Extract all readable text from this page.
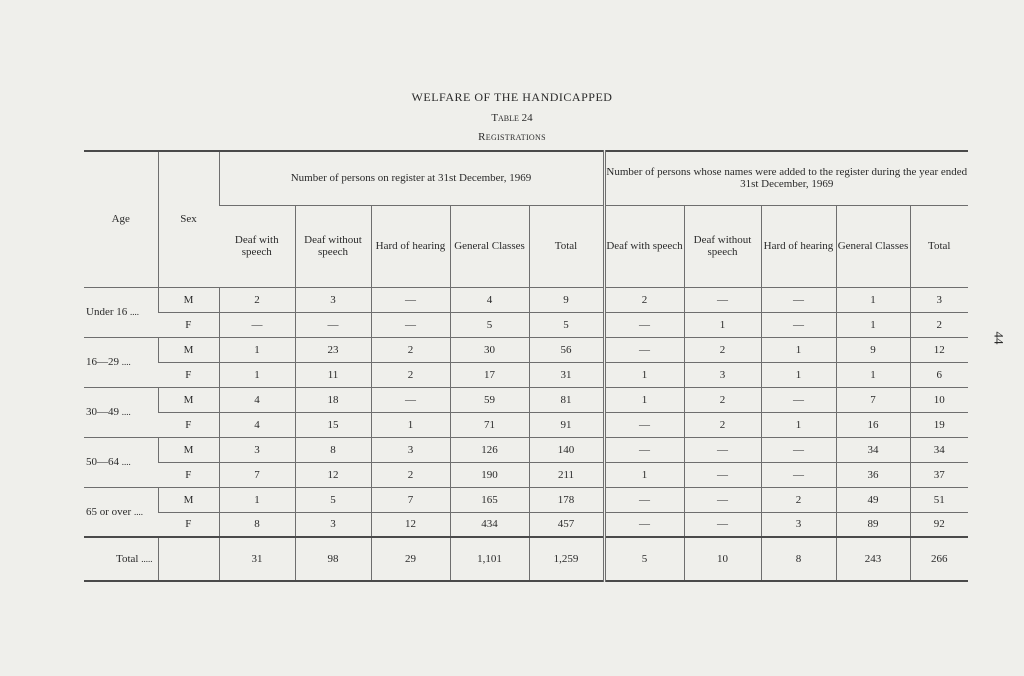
WELFARE OF THE HANDICAPPED
Table 24
Registrations
44
Age	Sex	Number of persons on register at 31st December, 1969					Number of persons whose names were added to the register during the year ended 31st December, 1969				
		Deaf with speech	Deaf without speech	Hard of hearing	General Classes	Total	Deaf with speech	Deaf without speech	Hard of hearing	General Classes	Total
Under 16 ....	M	2	3	—	4	9	2	—	—	1	3
	F	—	—	—	5	5	—	1	—	1	2
16—29 ....	M	1	23	2	30	56	—	2	1	9	12
	F	1	11	2	17	31	1	3	1	1	6
30—49 ....	M	4	18	—	59	81	1	2	—	7	10
	F	4	15	1	71	91	—	2	1	16	19
50—64 ....	M	3	8	3	126	140	—	—	—	34	34
	F	7	12	2	190	211	1	—	—	36	37
65 or over ....	M	1	5	7	165	178	—	—	2	49	51
	F	8	3	12	434	457	—	—	3	89	92
Total .....		31	98	29	1,101	1,259	5	10	8	243	266
